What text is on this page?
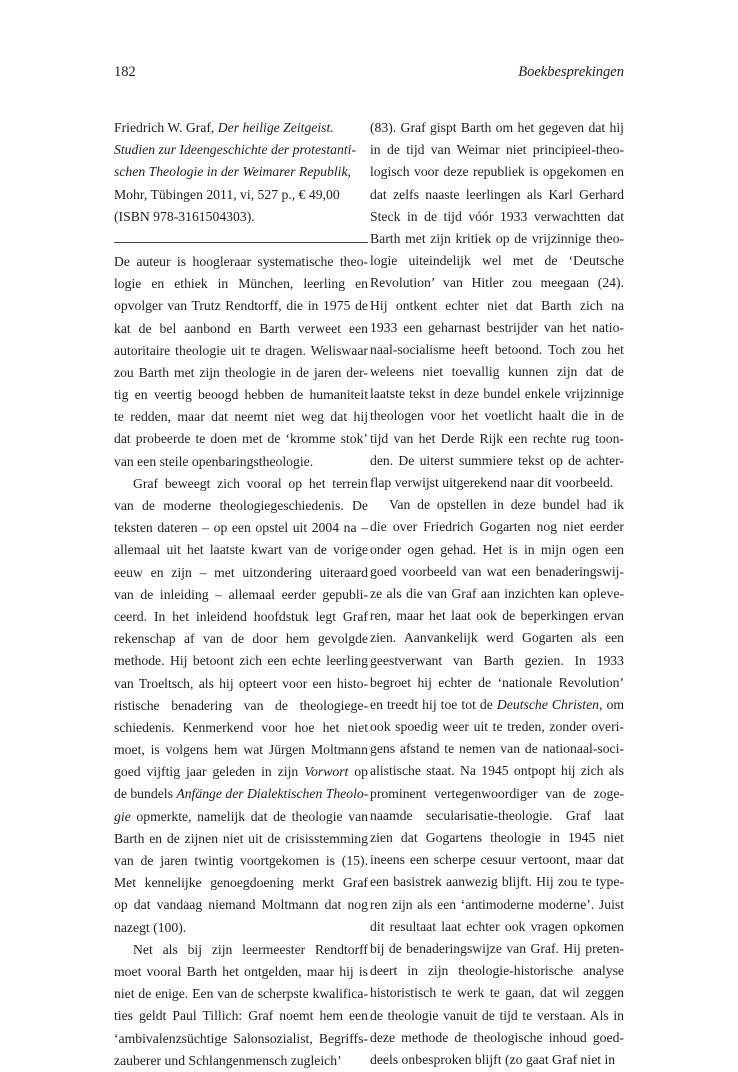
182	Boekbesprekingen
Friedrich W. Graf, Der heilige Zeitgeist.
Studien zur Ideengeschichte der protestanti-
schen Theologie in der Weimarer Republik,
Mohr, Tübingen 2011, vi, 527 p., € 49,00
(ISBN 978-3161504303).
De auteur is hoogleraar systematische theo-
logie en ethiek in München, leerling en
opvolger van Trutz Rendtorff, die in 1975 de
kat de bel aanbond en Barth verweet een
autoritaire theologie uit te dragen. Weliswaar
zou Barth met zijn theologie in de jaren der-
tig en veertig beoogd hebben de humaniteit
te redden, maar dat neemt niet weg dat hij
dat probeerde te doen met de ‘kromme stok’
van een steile openbaringstheologie.
Graf beweegt zich vooral op het terrein
van de moderne theologiegeschiedenis. De
teksten dateren – op een opstel uit 2004 na –
allemaal uit het laatste kwart van de vorige
eeuw en zijn – met uitzondering uiteraard
van de inleiding – allemaal eerder gepubli-
ceerd. In het inleidend hoofdstuk legt Graf
rekenschap af van de door hem gevolgde
methode. Hij betoont zich een echte leerling
van Troeltsch, als hij opteert voor een histo-
ristische benadering van de theologiege-
schiedenis. Kenmerkend voor hoe het niet
moet, is volgens hem wat Jürgen Moltmann
goed vijftig jaar geleden in zijn Vorwort op
de bundels Anfänge der Dialektischen Theolo-
gie opmerkte, namelijk dat de theologie van
Barth en de zijnen niet uit de crisisstemming
van de jaren twintig voortgekomen is (15).
Met kennelijke genoegdoening merkt Graf
op dat vandaag niemand Moltmann dat nog
nazegt (100).
Net als bij zijn leermeester Rendtorff
moet vooral Barth het ontgelden, maar hij is
niet de enige. Een van de scherpste kwalifica-
ties geldt Paul Tillich: Graf noemt hem een
‘ambivalenzsüchtige Salonsozialist, Begriffs-
zauberer und Schlangenmensch zugleich’
(83). Graf gispt Barth om het gegeven dat hij
in de tijd van Weimar niet principieel-theo-
logisch voor deze republiek is opgekomen en
dat zelfs naaste leerlingen als Karl Gerhard
Steck in de tijd vóór 1933 verwachtten dat
Barth met zijn kritiek op de vrijzinnige theo-
logie uiteindelijk wel met de ‘Deutsche
Revolution’ van Hitler zou meegaan (24).
Hij ontkent echter niet dat Barth zich na
1933 een geharnast bestrijder van het natio-
naal-socialisme heeft betoond. Toch zou het
weleens niet toevallig kunnen zijn dat de
laatste tekst in deze bundel enkele vrijzinnige
theologen voor het voetlicht haalt die in de
tijd van het Derde Rijk een rechte rug toon-
den. De uiterst summiere tekst op de achter-
flap verwijst uitgerekend naar dit voorbeeld.
Van de opstellen in deze bundel had ik
die over Friedrich Gogarten nog niet eerder
onder ogen gehad. Het is in mijn ogen een
goed voorbeeld van wat een benaderingswij-
ze als die van Graf aan inzichten kan opleve-
ren, maar het laat ook de beperkingen ervan
zien. Aanvankelijk werd Gogarten als een
geestverwant van Barth gezien. In 1933
begroet hij echter de ‘nationale Revolution’
en treedt hij toe tot de Deutsche Christen, om
ook spoedig weer uit te treden, zonder overi-
gens afstand te nemen van de nationaal-soci-
alistische staat. Na 1945 ontpopt hij zich als
prominent vertegenwoordiger van de zoge-
naamde secularisatie-theologie. Graf laat
zien dat Gogartens theologie in 1945 niet
ineens een scherpe cesuur vertoont, maar dat
een basistrek aanwezig blijft. Hij zou te type-
ren zijn als een ‘antimoderne moderne’. Juist
dit resultaat laat echter ook vragen opkomen
bij de benaderingswijze van Graf. Hij preten-
deert in zijn theologie-historische analyse
historistisch te werk te gaan, dat wil zeggen
de theologie vanuit de tijd te verstaan. Als in
deze methode de theologische inhoud goed-
deels onbesproken blijft (zo gaat Graf niet in
